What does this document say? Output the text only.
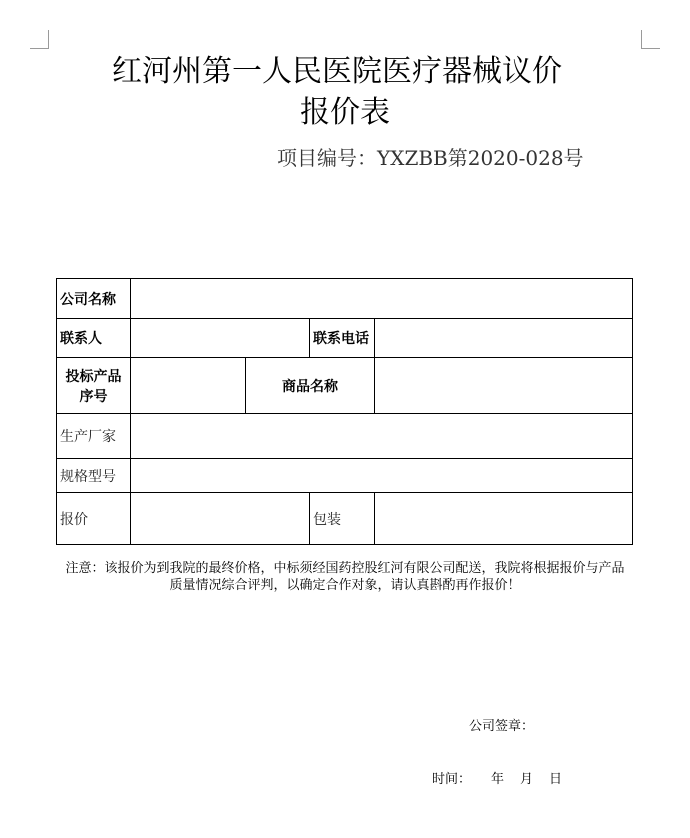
红河州第一人民医院医疗器械议价
报价表
项目编号：YXZBB第2020-028号
公司名称				
联系人			联系电话	

投标产品
序号		商品名称		
生产厂家				
规格型号				
报价			包装	
注意：该报价为到我院的最终价格，中标须经国药控股红河有限公司配送，我院将根据报价与产品质量情况综合评判，以确定合作对象，请认真斟酌再作报价！
公司签章：
时间： 年 月 日
